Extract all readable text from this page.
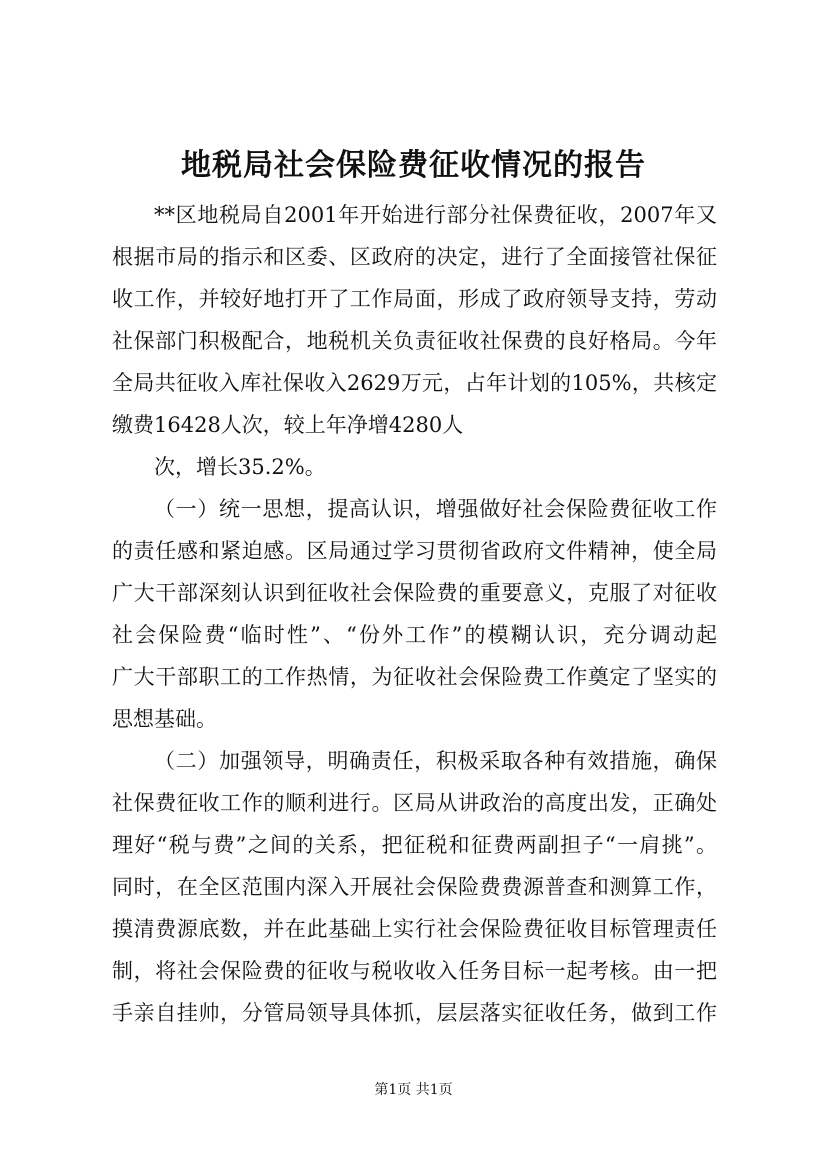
地税局社会保险费征收情况的报告
**区地税局自2001年开始进行部分社保费征收，2007年又
根据市局的指示和区委、区政府的决定，进行了全面接管社保征
收工作，并较好地打开了工作局面，形成了政府领导支持，劳动
社保部门积极配合，地税机关负责征收社保费的良好格局。今年
全局共征收入库社保收入2629万元，占年计划的105%，共核定
缴费16428人次，较上年净增4280人
次，增长35.2%。
（一）统一思想，提高认识，增强做好社会保险费征收工作
的责任感和紧迫感。区局通过学习贯彻省政府文件精神，使全局
广大干部深刻认识到征收社会保险费的重要意义，克服了对征收
社会保险费“临时性”、“份外工作”的模糊认识，充分调动起
广大干部职工的工作热情，为征收社会保险费工作奠定了坚实的
思想基础。
（二）加强领导，明确责任，积极采取各种有效措施，确保
社保费征收工作的顺利进行。区局从讲政治的高度出发，正确处
理好“税与费”之间的关系，把征税和征费两副担子“一肩挑”。
同时，在全区范围内深入开展社会保险费费源普查和测算工作，
摸清费源底数，并在此基础上实行社会保险费征收目标管理责任
制，将社会保险费的征收与税收收入任务目标一起考核。由一把
手亲自挂帅，分管局领导具体抓，层层落实征收任务，做到工作
第1页 共1页
